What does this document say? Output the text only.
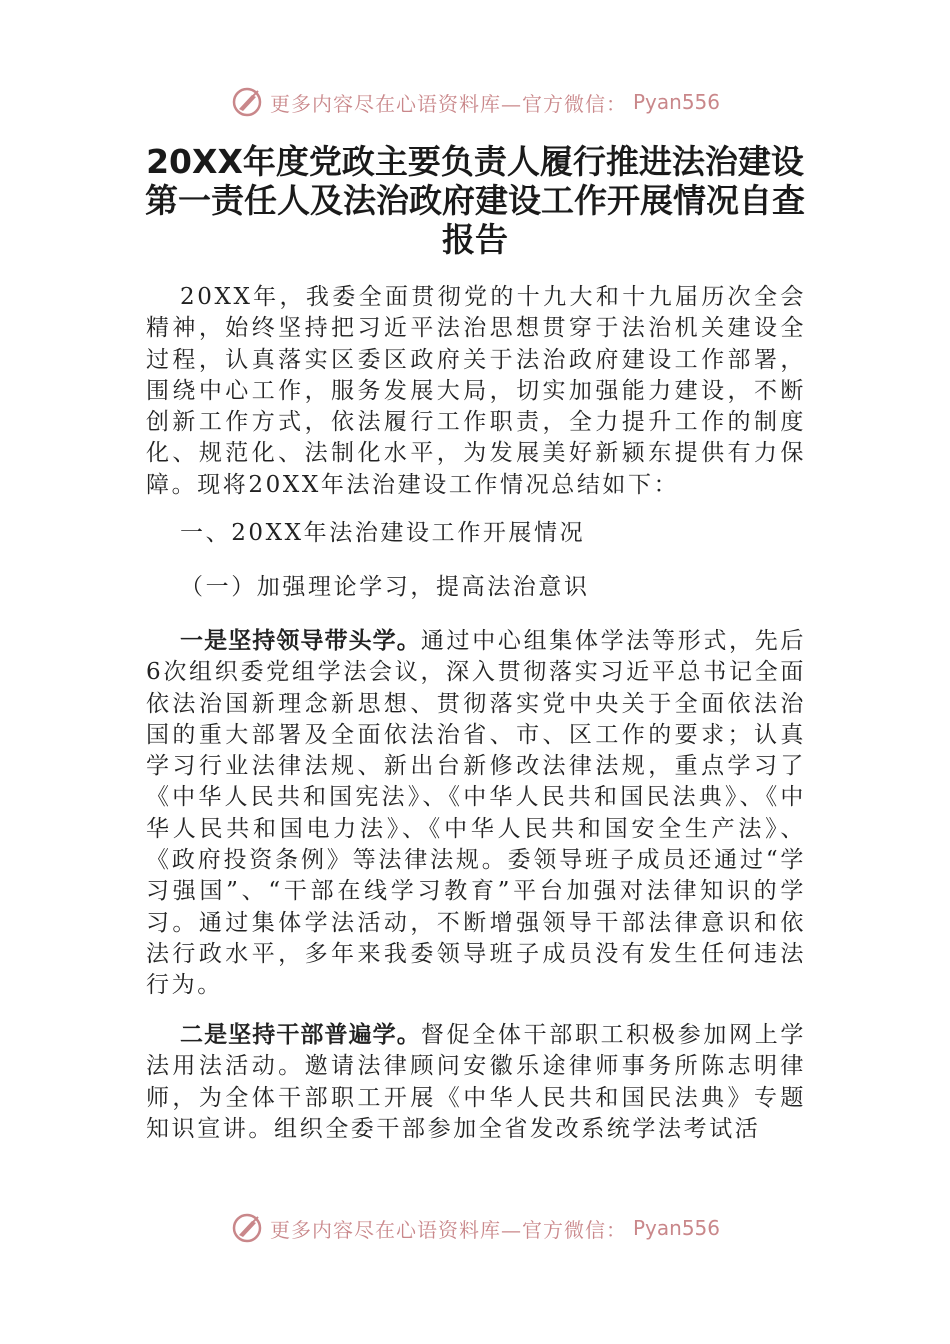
更多内容尽在心语资料库—官方微信： Pyan556
20XX年度党政主要负责人履行推进法治建设第一责任人及法治政府建设工作开展情况自查报告

20XX年，我委全面贯彻党的十九大和十九届历次全会精神，始终坚持把习近平法治思想贯穿于法治机关建设全过程，认真落实区委区政府关于法治政府建设工作部署，围绕中心工作，服务发展大局，切实加强能力建设，不断创新工作方式，依法履行工作职责，全力提升工作的制度化、规范化、法制化水平，为发展美好新颍东提供有力保障。现将20XX年法治建设工作情况总结如下：

一、20XX年法治建设工作开展情况

（一）加强理论学习，提高法治意识

一是坚持领导带头学。通过中心组集体学法等形式，先后6次组织委党组学法会议，深入贯彻落实习近平总书记全面依法治国新理念新思想、贯彻落实党中央关于全面依法治国的重大部署及全面依法治省、市、区工作的要求；认真学习行业法律法规、新出台新修改法律法规，重点学习了《中华人民共和国宪法》、《中华人民共和国民法典》、《中华人民共和国电力法》、《中华人民共和国安全生产法》、《政府投资条例》等法律法规。委领导班子成员还通过“学习强国”、“干部在线学习教育”平台加强对法律知识的学习。通过集体学法活动，不断增强领导干部法律意识和依法行政水平，多年来我委领导班子成员没有发生任何违法行为。

二是坚持干部普遍学。督促全体干部职工积极参加网上学法用法活动。邀请法律顾问安徽乐途律师事务所陈志明律师，为全体干部职工开展《中华人民共和国民法典》专题知识宣讲。组织全委干部参加全省发改系统学法考试活

更多内容尽在心语资料库—官方微信： Pyan556
